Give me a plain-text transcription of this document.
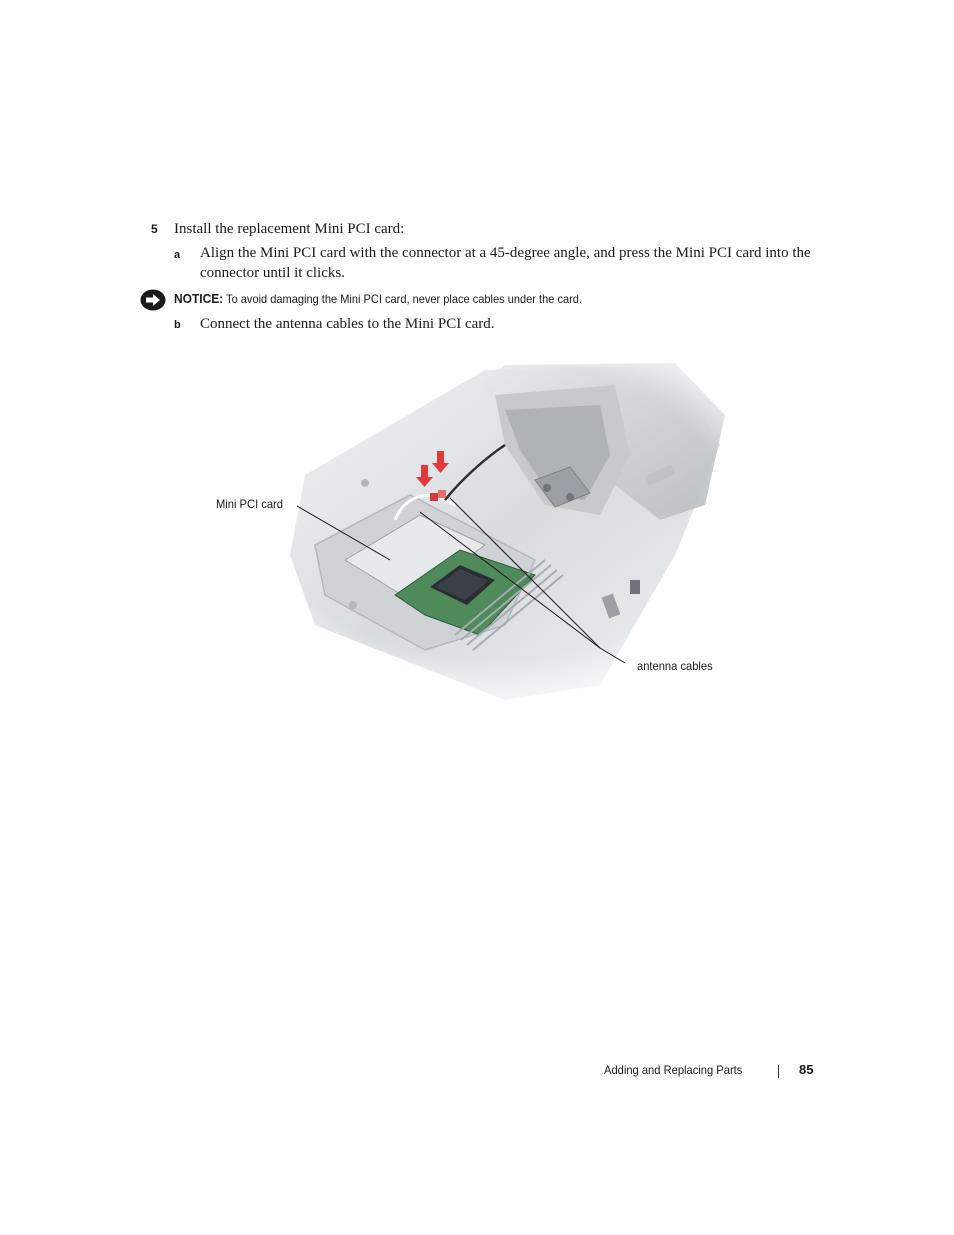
5 Install the replacement Mini PCI card:
a Align the Mini PCI card with the connector at a 45-degree angle, and press the Mini PCI card into the connector until it clicks.
NOTICE: To avoid damaging the Mini PCI card, never place cables under the card.
b Connect the antenna cables to the Mini PCI card.
Mini PCI card
antenna cables
Adding and Replacing Parts	85
